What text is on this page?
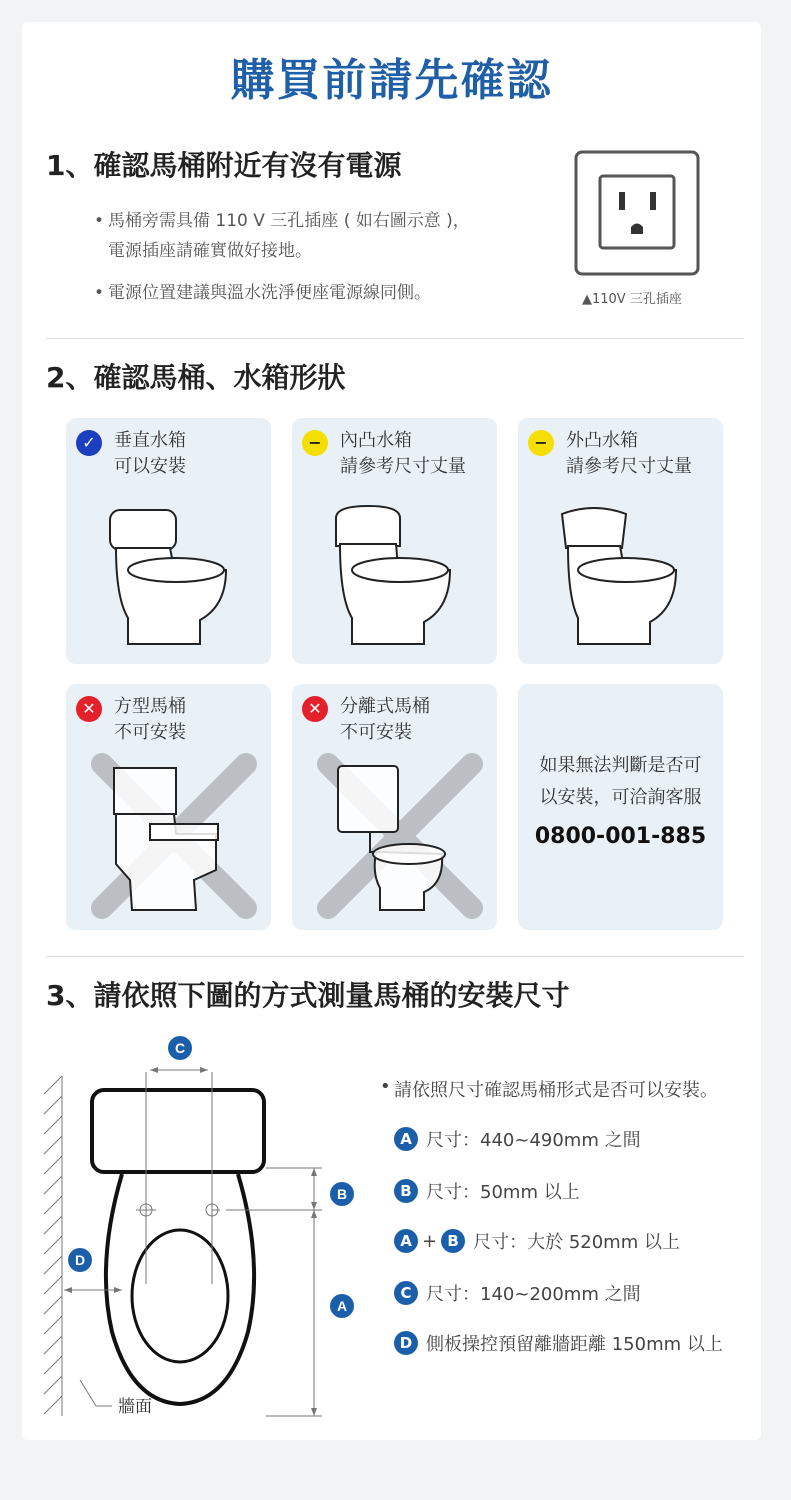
購買前請先確認
1、確認馬桶附近有沒有電源
• 馬桶旁需具備 110 V 三孔插座 ( 如右圖示意 )，
電源插座請確實做好接地。
• 電源位置建議與溫水洗淨便座電源線同側。	▲110V 三孔插座
2、確認馬桶、水箱形狀
✓	垂直水箱
可以安裝
−	內凸水箱
請參考尺寸丈量
−	外凸水箱
請參考尺寸丈量
✕	方型馬桶
不可安裝
✕	分離式馬桶
不可安裝
如果無法判斷是否可
以安裝，可洽詢客服
0800-001-885
3、請依照下圖的方式測量馬桶的安裝尺寸
C
B
A
D
牆面
• 請依照尺寸確認馬桶形式是否可以安裝。
A 尺寸：440~490mm 之間
B 尺寸：50mm 以上
A + B 尺寸：大於 520mm 以上
C 尺寸：140~200mm 之間
D 側板操控預留離牆距離 150mm 以上
